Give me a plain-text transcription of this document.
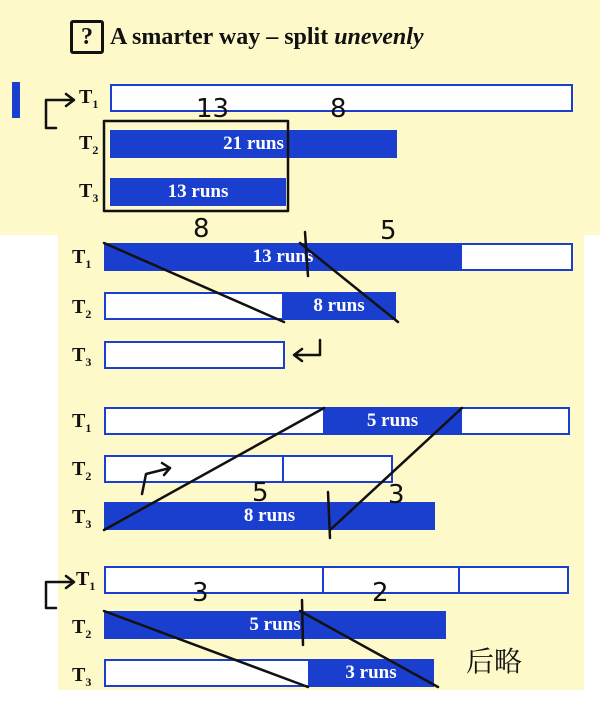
? A smarter way – split unevenly
$T_1$
$T_2$	21 runs
$T_3$	13 runs
$T_1$	13 runs
$T_2$	8 runs
$T_3$
$T_1$	5 runs
$T_2$
$T_3$	8 runs
$T_1$
$T_2$	5 runs
$T_3$	3 runs
13	8
8	5
5	3
3	2
后略
